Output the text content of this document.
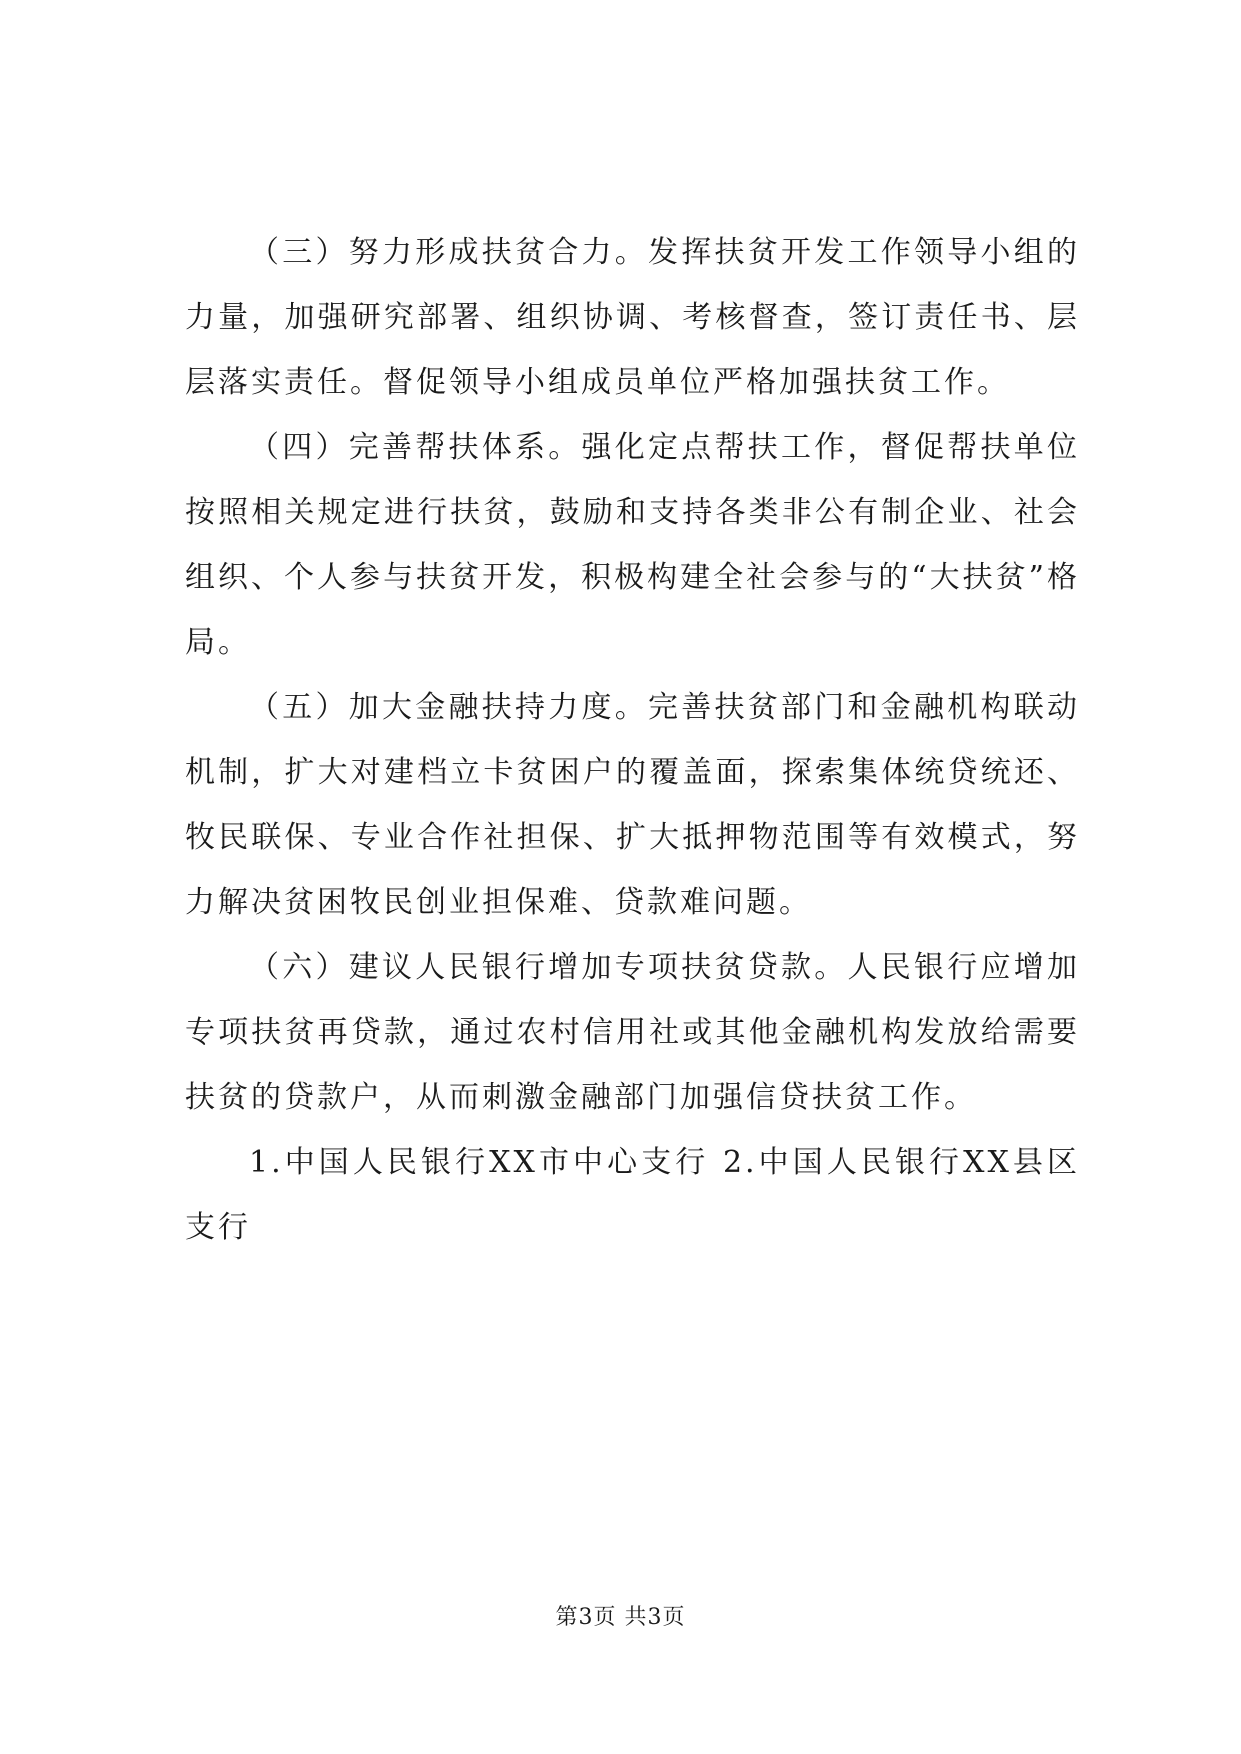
（三）努力形成扶贫合力。发挥扶贫开发工作领导小组的力量，加强研究部署、组织协调、考核督查，签订责任书、层层落实责任。督促领导小组成员单位严格加强扶贫工作。

（四）完善帮扶体系。强化定点帮扶工作，督促帮扶单位按照相关规定进行扶贫，鼓励和支持各类非公有制企业、社会组织、个人参与扶贫开发，积极构建全社会参与的“大扶贫”格局。

（五）加大金融扶持力度。完善扶贫部门和金融机构联动机制，扩大对建档立卡贫困户的覆盖面，探索集体统贷统还、牧民联保、专业合作社担保、扩大抵押物范围等有效模式，努力解决贫困牧民创业担保难、贷款难问题。

（六）建议人民银行增加专项扶贫贷款。人民银行应增加专项扶贫再贷款，通过农村信用社或其他金融机构发放给需要扶贫的贷款户，从而刺激金融部门加强信贷扶贫工作。

1.中国人民银行XX市中心支行 2.中国人民银行XX县区支行

第3页 共3页
